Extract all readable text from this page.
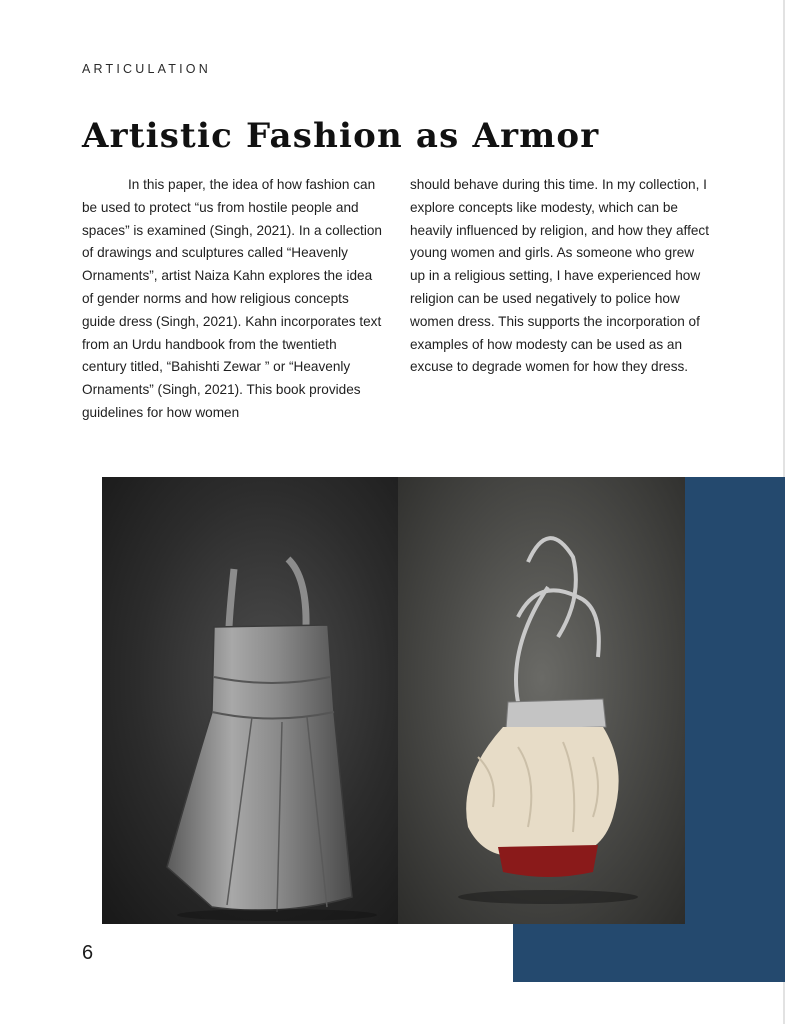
ARTICULATION
Artistic Fashion as Armor

In this paper, the idea of how fashion can be used to protect “us from hostile people and spaces” is examined (Singh, 2021). In a collection of drawings and sculptures called “Heavenly Ornaments”, artist Naiza Kahn explores the idea of gender norms and how religious concepts guide dress (Singh, 2021). Kahn incorporates text from an Urdu handbook from the twentieth century titled, “Bahishti Zewar ” or “Heavenly Ornaments” (Singh, 2021). This book provides guidelines for how women

should behave during this time. In my collection, I explore concepts like modesty, which can be heavily influenced by religion, and how they affect young women and girls. As someone who grew up in a religious setting, I have experienced how religion can be used negatively to police how women dress. This supports the incorporation of examples of how modesty can be used as an excuse to degrade women for how they dress.

6
